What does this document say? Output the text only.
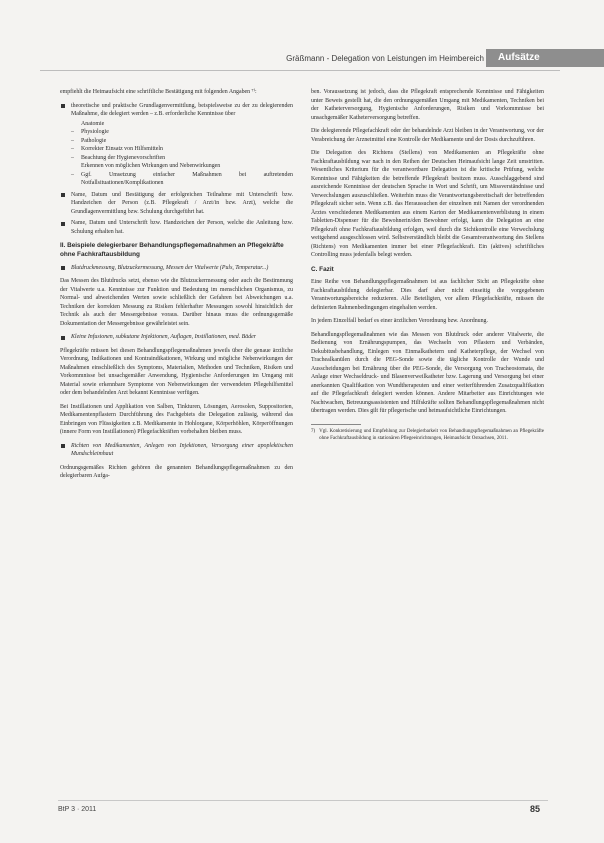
Gräßmann - Delegation von Leistungen im Heimbereich	Aufsätze

empfiehlt die Heimaufsicht eine schriftliche Bestätigung mit folgenden Angaben ⁷⁾:

theoretische und praktische Grundlagenvermittlung, beispielsweise zu der zu delegierenden Maßnahme, die delegiert werden – z.B. erforderliche Kenntnisse über
Anatomie
– Physiologie
– Pathologie
– Korrekter Einsatz von Hilfsmitteln
– Beachtung der Hygienevorschriften
Erkennen von möglichen Wirkungen und Nebenwirkungen
– Ggf. Umsetzung einfacher Maßnahmen bei auftretenden Notfallsituationen/Komplikationen
Name, Datum und Bestätigung der erfolgreichen Teilnahme mit Unterschrift bzw. Handzeichen der Person (z.B. Pflegekraft / Arzt/in bzw. Arzt), welche die Grundlagenvermittlung bzw. Schulung durchgeführt hat.
Name, Datum und Unterschrift bzw. Handzeichen der Person, welche die Anleitung bzw. Schulung erhalten hat.
II. Beispiele delegierbarer Behandlungspflegemaßnahmen an Pflegekräfte ohne Fachkraftausbildung
Blutdruckmessung, Blutzuckermessung, Messen der Vitalwerte (Puls, Temperatur...)

Das Messen des Blutdrucks setzt, ebenso wie die Blutzuckermessung oder auch die Bestimmung der Vitalwerte u.a. Kenntnisse zur Funktion und Bedeutung im menschlichen Organismus, zu Normal- und abweichenden Werten sowie schließlich der Gefahren bei Abweichungen u.a. Techniken der korrekten Messung zu Risiken fehlerhafter Messungen sowohl hinsichtlich der Technik als auch der Messergebnisse voraus. Darüber hinaus muss die ordnungsgemäße Dokumentation der Messergebnisse gewährleistet sein.

Kleine Infusionen, subkutane Injektionen, Auflagen, Instillationen, med. Bäder

Pflegekräfte müssen bei diesen Behandlungspflegemaßnahmen jeweils über die genaue ärztliche Verordnung, Indikationen und Kontraindikationen, Wirkung und mögliche Nebenwirkungen der Maßnahmen einschließlich des Symptoms, Materialien, Methoden und Techniken, Risiken und Vorkommnisse bei unsachgemäßer Anwendung, Hygienische Anforderungen im Umgang mit Material sowie erkennbare Symptome von Nebenwirkungen der verwendeten Pflegehilfsmittel oder dem behandelnden Arzt bekannt Kenntnisse verfügen.

Bei Instillationen und Applikation von Salben, Tinkturen, Lösungen, Aerosolen, Suppositorien, Medikamentenpflastern Durchführung des Fachgebiets die Delegation zulässig, während das Einbringen von Flüssigkeiten z.B. Medikamente in Hohlorgane, Körperhöhlen, Körperöffnungen (innere Form von Instillationen) Pflegefachkräften vorbehalten bleiben muss.

Richten von Medikamenten, Anlegen von Injektionen, Versorgung einer apoplektischen Mundschleimhaut

Ordnungsgemäßes Richten gehören die genannten Behandlungspflegemaßnahmen zu den delegierbaren Aufga-

ben. Voraussetzung ist jedoch, dass die Pflegekraft entsprechende Kenntnisse und Fähigkeiten unter Beweis gestellt hat, die den ordnungsgemäßen Umgang mit Medikamenten, Techniken bei der Katheterversorgung, Hygienische Anforderungen, Risiken und Vorkommnisse bei unsachgemäßer Katheterversorgung betreffen.

Die delegierende Pflegefachkraft oder der behandelnde Arzt bleiben in der Verantwortung, vor der Verabreichung der Arzneimittel eine Kontrolle der Medikamente und der Dosis durchzuführen.

Die Delegation des Richtens (Stellens) von Medikamenten an Pflegekräfte ohne Fachkraftausbildung war nach in den Reihen der Deutschen Heimaufsicht lange Zeit umstritten. Wesentliches Kriterium für die verantwortbare Delegation ist die kritische Prüfung, welche Kenntnisse und Fähigkeiten die betreffende Pflegekraft besitzen muss. Ausschlaggebend sind ausreichende Kenntnisse der deutschen Sprache in Wort und Schrift, um Missverständnisse und Verwechslungen auszuschließen. Weiterhin muss die Verantwortungsbereitschaft der betreffenden Pflegekraft sicher sein. Wenn z.B. das Heraussuchen der einzelnen mit Namen der verordnenden Ärztes verschiedenen Medikamenten aus einem Karton der Medikamentenverblistung in einem Tabletten-Dispenser für die Bewohnerin/den Bewohner erfolgt, kann die Delegation an eine Pflegekraft ohne Fachkraftausbildung erfolgen, weil durch die Sichtkontrolle eine Verwechslung weitgehend ausgeschlossen wird. Selbstverständlich bleibt die Gesamtverantwortung des Stellens (Richtens) von Medikamenten immer bei einer Pflegefachkraft. Ein (aktives) schriftliches Controlling muss jedenfalls belegt werden.

C. Fazit

Eine Reihe von Behandlungspflegemaßnahmen ist aus fachlicher Sicht an Pflegekräfte ohne Fachkraftausbildung delegierbar. Dies darf aber nicht einseitig die vorgegebenen Verantwortungsbereiche reduzieren. Alle Beteiligten, vor allem Pflegefachkräfte, müssen die definierten Rahmenbedingungen eingehalten werden.

In jedem Einzelfall bedarf es einer ärztlichen Verordnung bzw. Anordnung.

Behandlungspflegemaßnahmen wie das Messen von Blutdruck oder anderer Vitalwerte, die Bedienung von Ernährungspumpen, das Wechseln von Pflastern und Verbänden, Dekubitusbehandlung, Einlegen von Einmalkathetern und Katheterpflege, der Wechsel von Trachealkanülen durch die PEG-Sonde sowie die tägliche Kontrolle der Wunde und Ausscheidungen bei Ernährung über die PEG-Sonde, die Versorgung von Tracheostomata, die Anlage einer Wechseldruck- und Blasenverweilkatheter bzw. Lagerung und Versorgung bei einer anerkannten Qualifikation von Wundtherapeuten und einer weiterführenden Zusatzqualifikation auf die Pflegefachkraft delegiert werden können. Andere Mitarbeiter aus Einrichtungen wie Nachtwachen, Betreuungsassistenten und Hilfskräfte sollten Behandlungspflegemaßnahmen nicht übertragen werden. Dies gilt für pflegerische und heimaufsichtliche Einrichtungen.

7) Vgl. Konkretisierung und Empfehlung zur Delegierbarkeit von Behandlungspflegemaßnahmen an Pflegekräfte ohne Fachkraftausbildung in stationären Pflegeeinrichtungen, Heimaufsicht Ostsachsen, 2011.
BtP 3 · 2011	85
